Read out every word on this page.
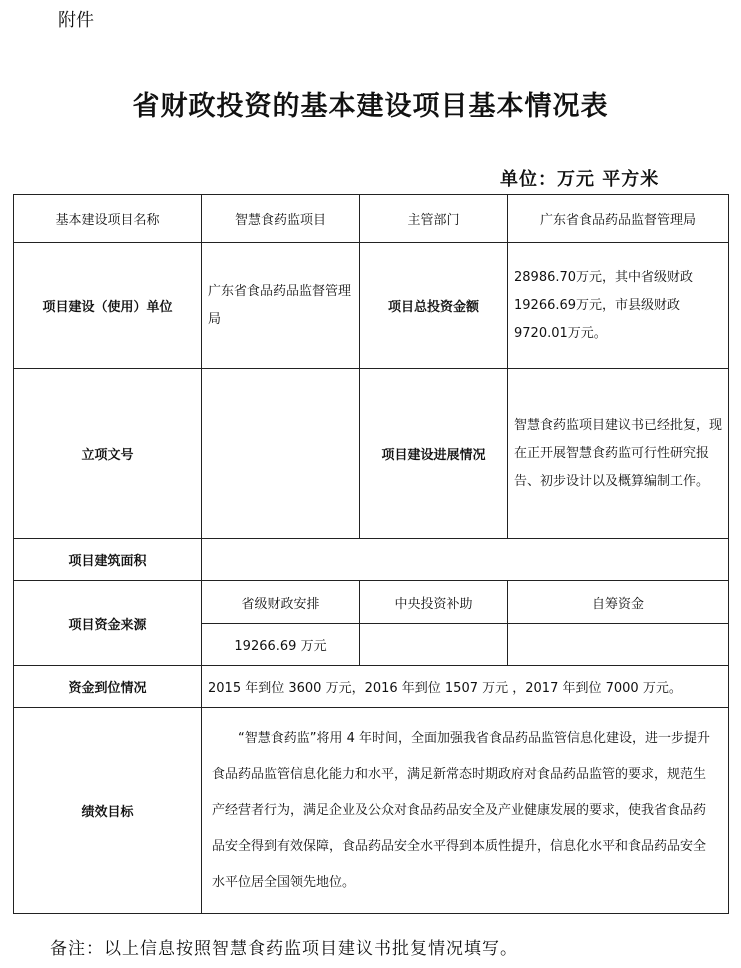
附件
省财政投资的基本建设项目基本情况表
单位：万元 平方米
基本建设项目名称	智慧食药监项目	主管部门	广东省食品药品监督管理局
项目建设（使用）单位	广东省食品药品监督管理局	项目总投资金额	28986.70万元，其中省级财政19266.69万元，市县级财政9720.01万元。
立项文号		项目建设进展情况	智慧食药监项目建议书已经批复，现在正开展智慧食药监可行性研究报告、初步设计以及概算编制工作。
项目建筑面积			
项目资金来源	省级财政安排	中央投资补助	自筹资金
	19266.69 万元		
资金到位情况	2015 年到位 3600 万元，2016 年到位 1507 万元 ，2017 年到位 7000 万元。		
绩效目标	“智慧食药监”将用 4 年时间，全面加强我省食品药品监管信息化建设，进一步提升食品药品监管信息化能力和水平，满足新常态时期政府对食品药品监管的要求，规范生产经营者行为，满足企业及公众对食品药品安全及产业健康发展的要求，使我省食品药品安全得到有效保障，食品药品安全水平得到本质性提升，信息化水平和食品药品安全水平位居全国领先地位。		
备注：以上信息按照智慧食药监项目建议书批复情况填写。
